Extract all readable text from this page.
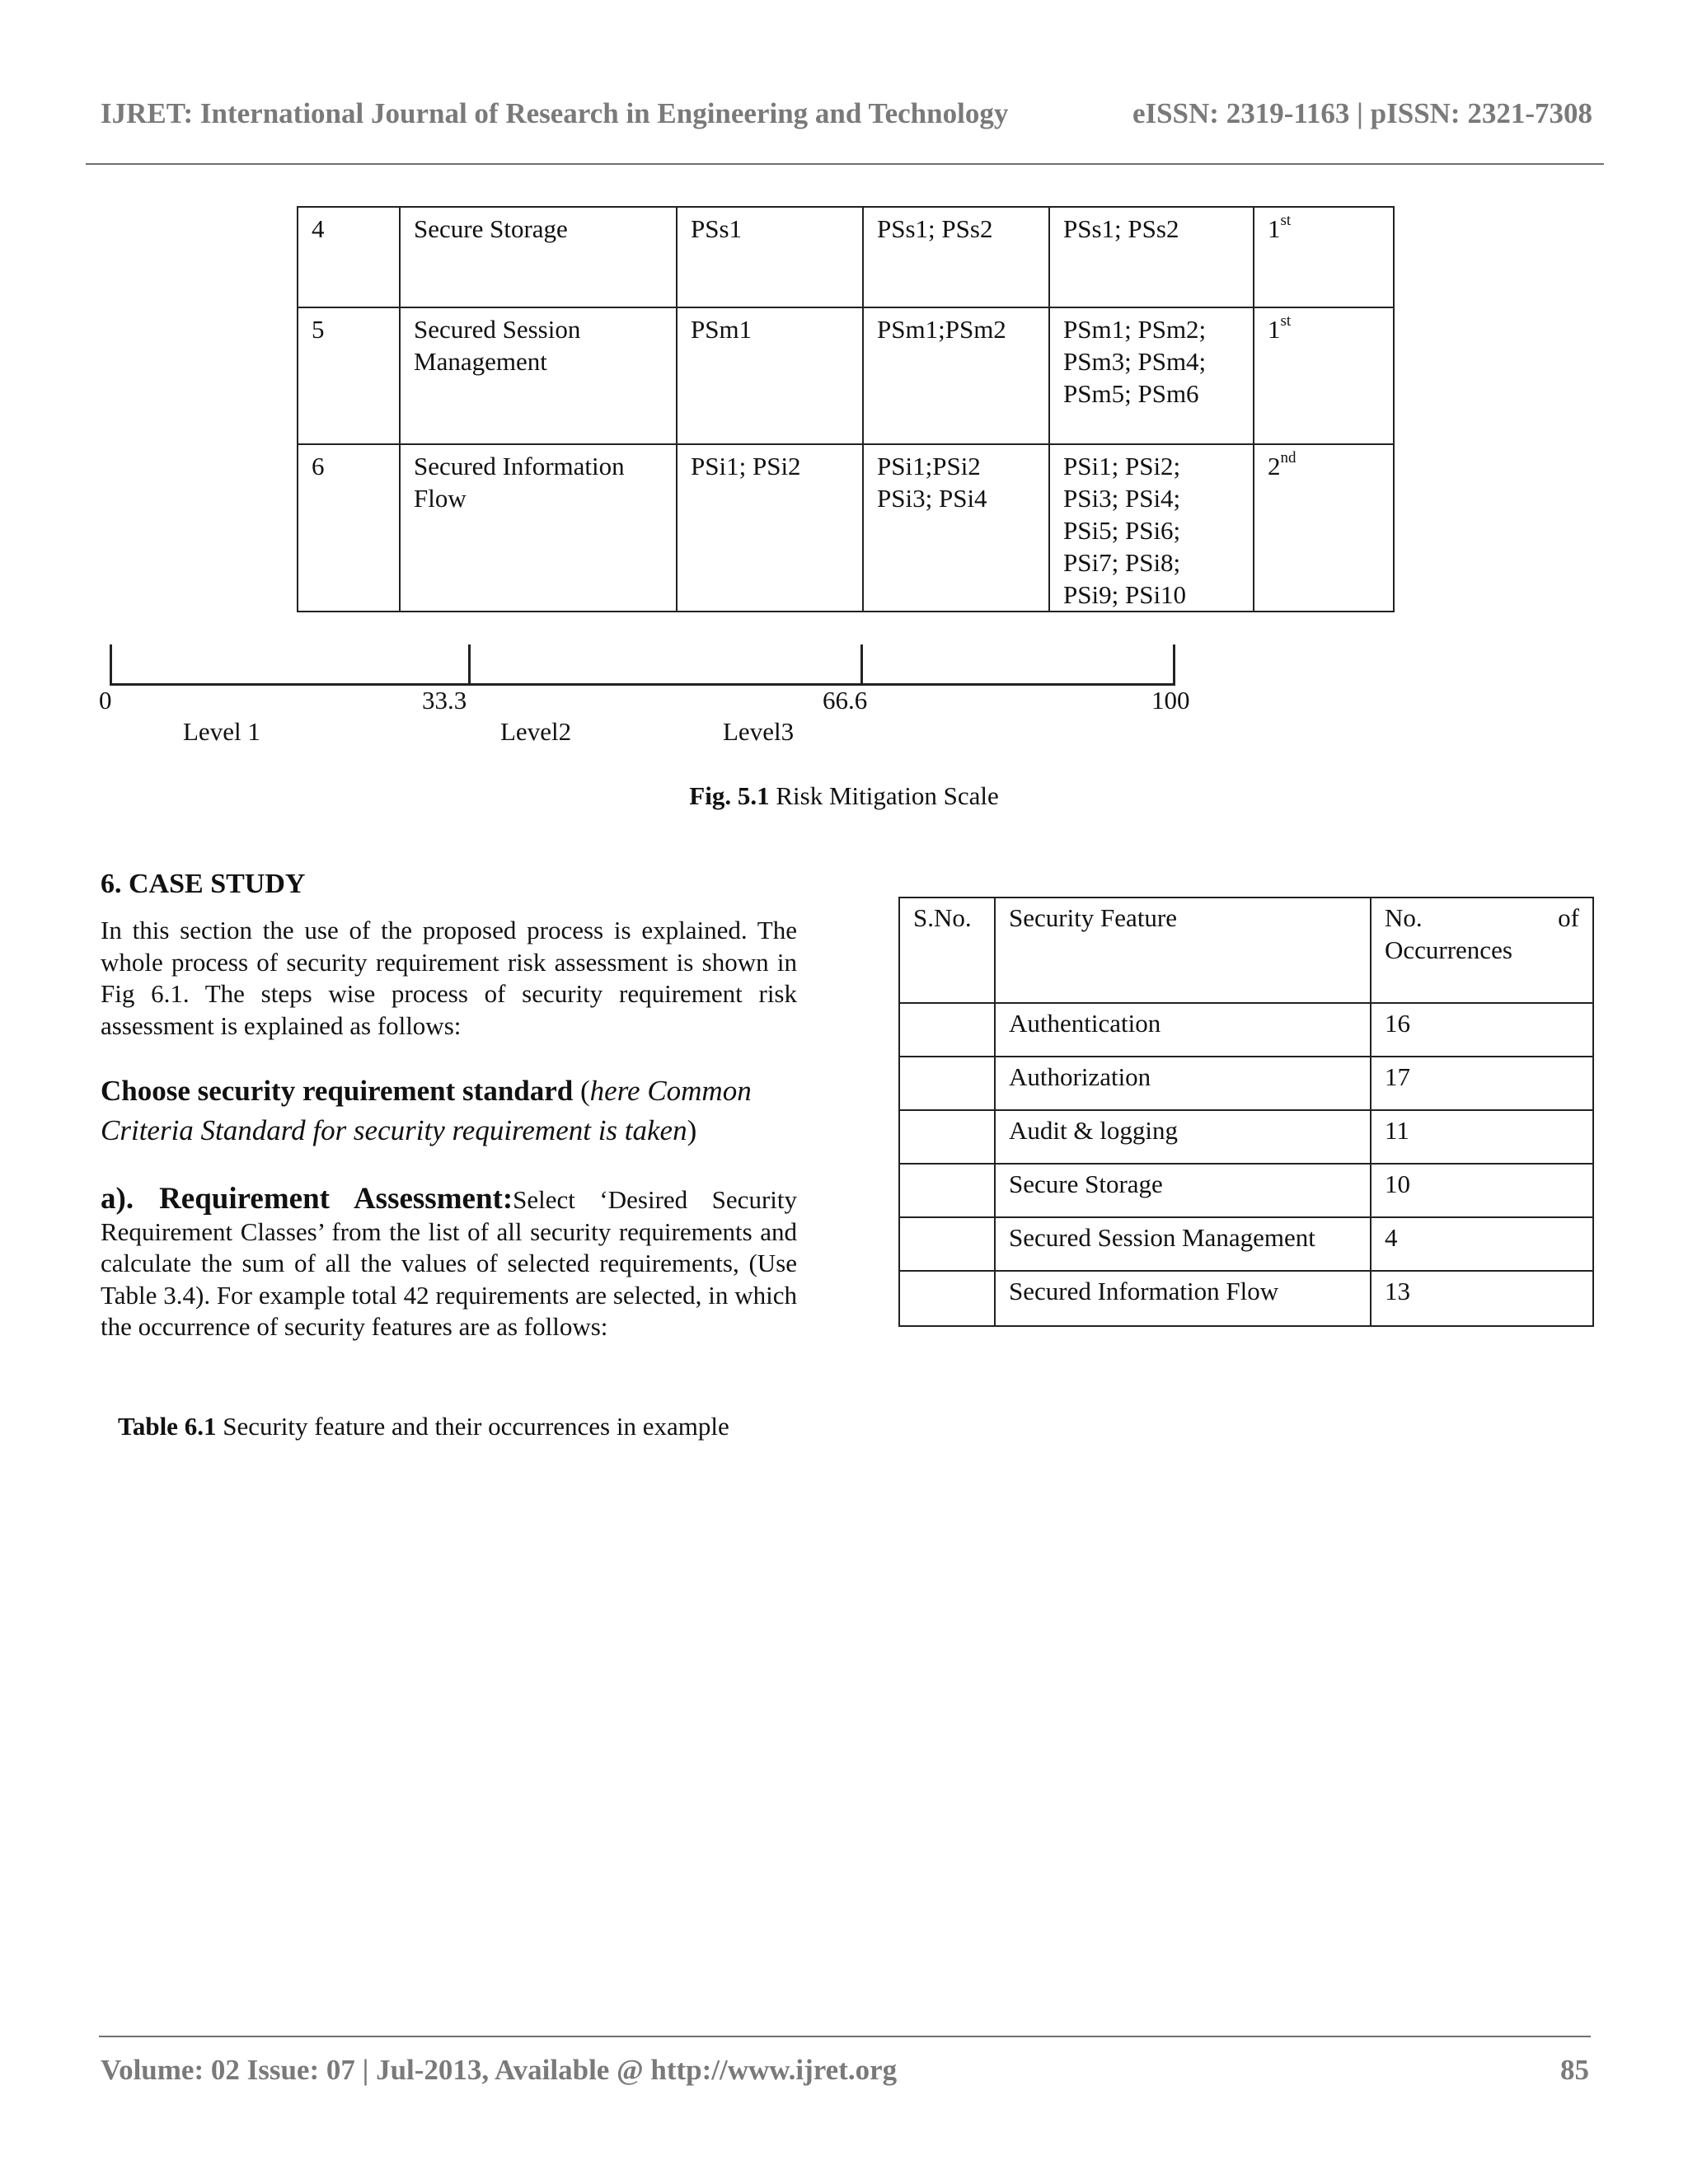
IJRET: International Journal of Research in Engineering and Technology	eISSN: 2319-1163 | pISSN: 2321-7308
4	Secure Storage	PSs1	PSs1; PSs2	PSs1; PSs2	1st
5	Secured Session Management	PSm1	PSm1;PSm2	PSm1; PSm2; PSm3; PSm4; PSm5; PSm6	1st
6	Secured Information Flow	PSi1; PSi2	PSi1;PSi2 PSi3; PSi4	PSi1; PSi2; PSi3; PSi4; PSi5; PSi6; PSi7; PSi8; PSi9; PSi10	2nd
0	33.3	66.6	100
Level 1	Level2	Level3
Fig. 5.1 Risk Mitigation Scale
6. CASE STUDY
In this section the use of the proposed process is explained. The whole process of security requirement risk assessment is shown in Fig 6.1. The steps wise process of security requirement risk assessment is explained as follows:
Choose security requirement standard (here Common Criteria Standard for security requirement is taken)
a). Requirement Assessment:Select ‘Desired Security Requirement Classes’ from the list of all security requirements and calculate the sum of all the values of selected requirements, (Use Table 3.4). For example total 42 requirements are selected, in which the occurrence of security features are as follows:
Table 6.1 Security feature and their occurrences in example
S.No.	Security Feature	No. of Occurrences

	Authentication	16
	Authorization	17
	Audit & logging	11
	Secure Storage	10
	Secured Session Management	4
	Secured Information Flow	13
Volume: 02 Issue: 07 | Jul-2013, Available @ http://www.ijret.org	85
